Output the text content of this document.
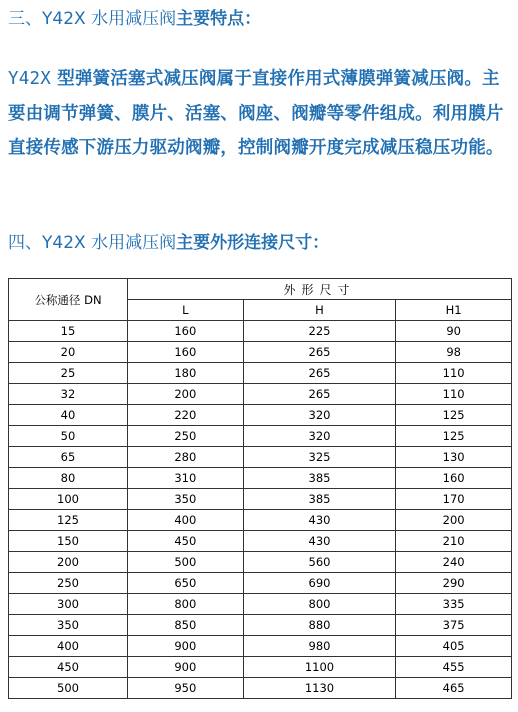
三、Y42X 水用减压阀主要特点：
Y42X 型弹簧活塞式减压阀属于直接作用式薄膜弹簧减压阀。主要由调节弹簧、膜片、活塞、阀座、阀瓣等零件组成。利用膜片直接传感下游压力驱动阀瓣，控制阀瓣开度完成减压稳压功能。
四、Y42X 水用减压阀主要外形连接尺寸：
公称通径 DN	外形尺寸		
	L	H	H1
15	160	225	90
20	160	265	98
25	180	265	110
32	200	265	110
40	220	320	125
50	250	320	125
65	280	325	130
80	310	385	160
100	350	385	170
125	400	430	200
150	450	430	210
200	500	560	240
250	650	690	290
300	800	800	335
350	850	880	375
400	900	980	405
450	900	1100	455
500	950	1130	465
